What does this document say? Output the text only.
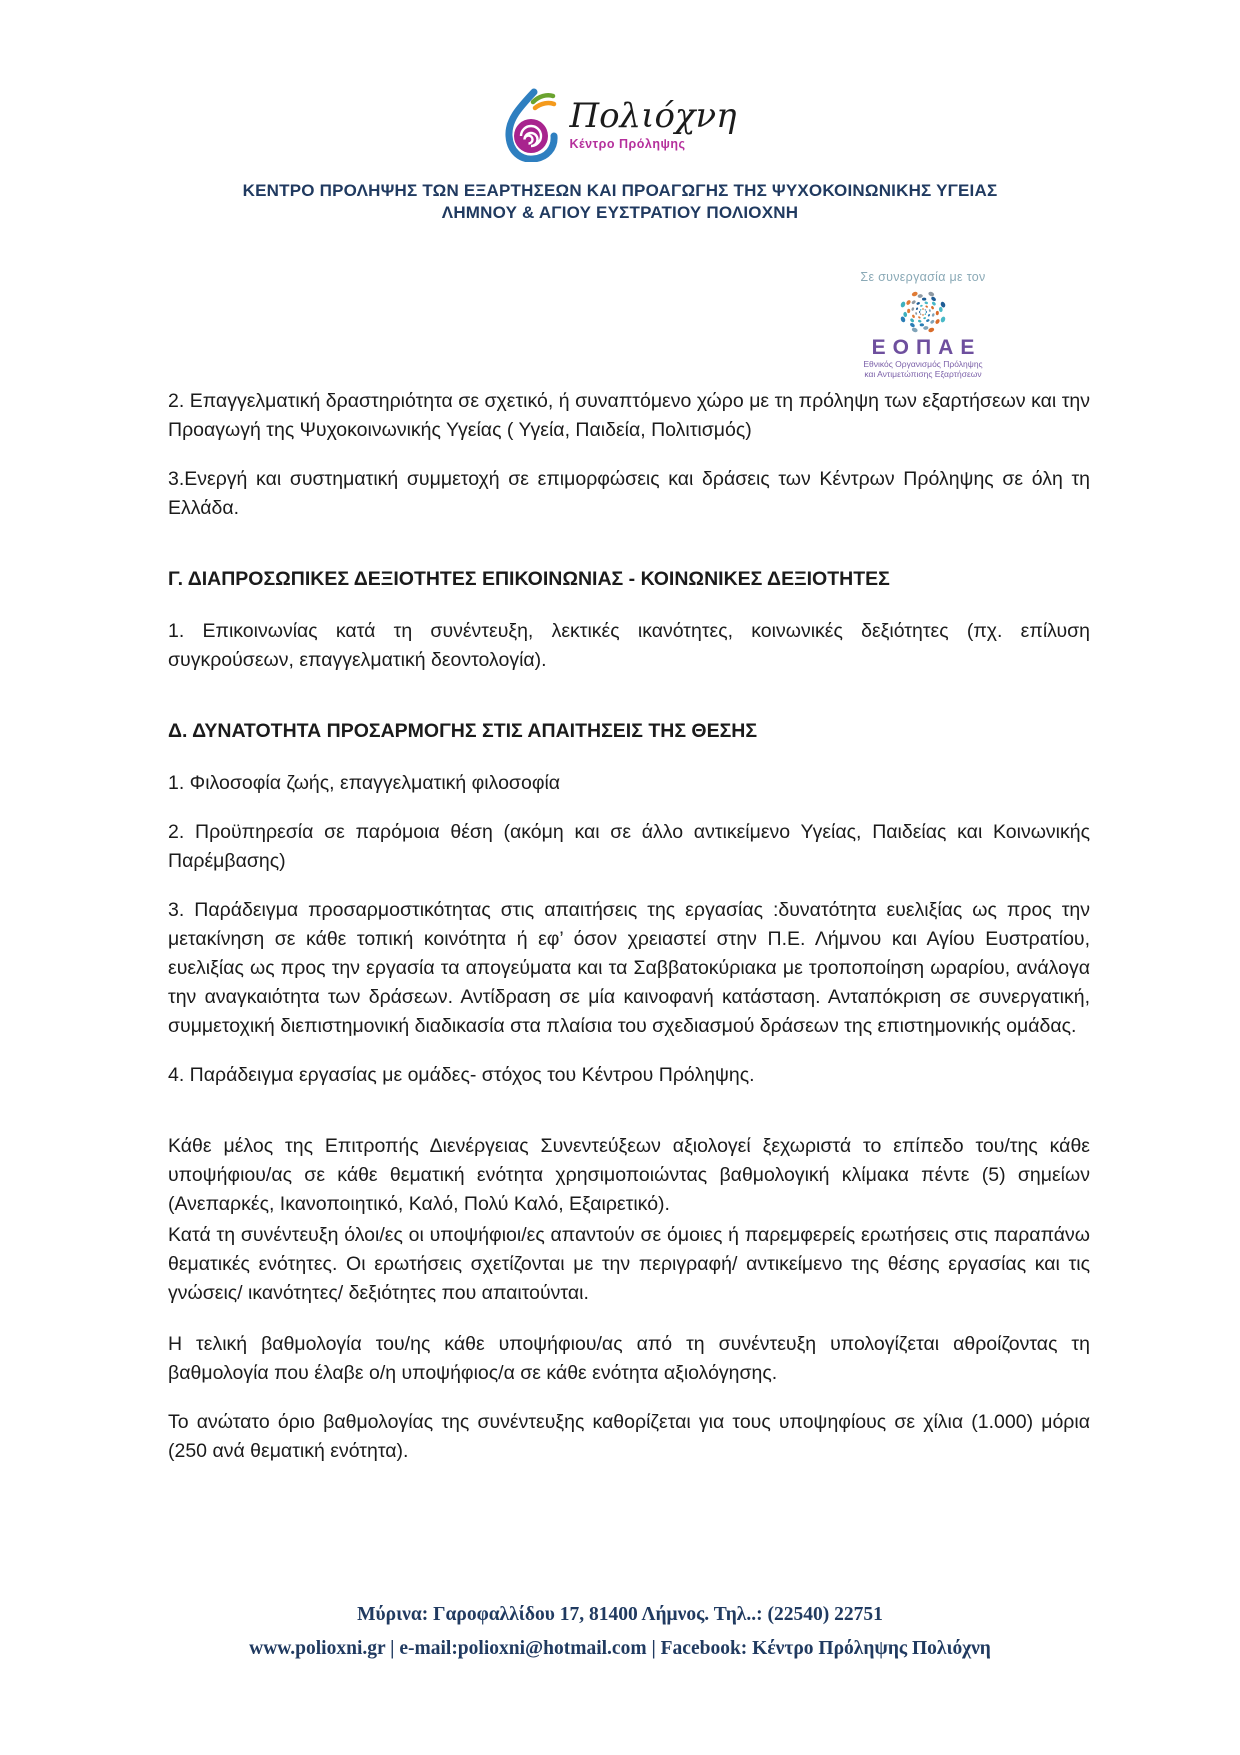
Πολιόχνη
Κέντρο Πρόληψης
ΚΕΝΤΡΟ ΠΡΟΛΗΨΗΣ ΤΩΝ ΕΞΑΡΤΗΣΕΩΝ ΚΑΙ ΠΡΟΑΓΩΓΗΣ ΤΗΣ ΨΥΧΟΚΟΙΝΩΝΙΚΗΣ ΥΓΕΙΑΣ
ΛΗΜΝΟΥ & ΑΓΙΟΥ ΕΥΣΤΡΑΤΙΟΥ ΠΟΛΙΟΧΝΗ
Σε συνεργασία με τον
ΕΟΠΑΕ
Εθνικός Οργανισμός Πρόληψης
και Αντιμετώπισης Εξαρτήσεων

2. Επαγγελματική δραστηριότητα σε σχετικό, ή συναπτόμενο χώρο με τη πρόληψη των εξαρτήσεων και την Προαγωγή της Ψυχοκοινωνικής Υγείας ( Υγεία, Παιδεία, Πολιτισμός)

3.Ενεργή και συστηματική συμμετοχή σε επιμορφώσεις και δράσεις των Κέντρων Πρόληψης σε όλη τη Ελλάδα.

Γ. ΔΙΑΠΡΟΣΩΠΙΚΕΣ ΔΕΞΙΟΤΗΤΕΣ ΕΠΙΚΟΙΝΩΝΙΑΣ - ΚΟΙΝΩΝΙΚΕΣ ΔΕΞΙΟΤΗΤΕΣ

1. Επικοινωνίας κατά τη συνέντευξη, λεκτικές ικανότητες, κοινωνικές δεξιότητες (πχ. επίλυση συγκρούσεων, επαγγελματική δεοντολογία).

Δ. ΔΥΝΑΤΟΤΗΤΑ ΠΡΟΣΑΡΜΟΓΗΣ ΣΤΙΣ ΑΠΑΙΤΗΣΕΙΣ ΤΗΣ ΘΕΣΗΣ

1. Φιλοσοφία ζωής, επαγγελματική φιλοσοφία

2. Προϋπηρεσία σε παρόμοια θέση (ακόμη και σε άλλο αντικείμενο Υγείας, Παιδείας και Κοινωνικής Παρέμβασης)

3. Παράδειγμα προσαρμοστικότητας στις απαιτήσεις της εργασίας :δυνατότητα ευελιξίας ως προς την μετακίνηση σε κάθε τοπική κοινότητα ή εφ’ όσον χρειαστεί στην Π.Ε. Λήμνου και Αγίου Ευστρατίου, ευελιξίας ως προς την εργασία τα απογεύματα και τα Σαββατοκύριακα με τροποποίηση ωραρίου, ανάλογα την αναγκαιότητα των δράσεων. Αντίδραση σε μία καινοφανή κατάσταση. Ανταπόκριση σε συνεργατική, συμμετοχική διεπιστημονική διαδικασία στα πλαίσια του σχεδιασμού δράσεων της επιστημονικής ομάδας.

4. Παράδειγμα εργασίας με ομάδες- στόχος του Κέντρου Πρόληψης.

Κάθε μέλος της Επιτροπής Διενέργειας Συνεντεύξεων αξιολογεί ξεχωριστά το επίπεδο του/της κάθε υποψήφιου/ας σε κάθε θεματική ενότητα χρησιμοποιώντας βαθμολογική κλίμακα πέντε (5) σημείων (Ανεπαρκές, Ικανοποιητικό, Καλό, Πολύ Καλό, Εξαιρετικό).

Κατά τη συνέντευξη όλοι/ες οι υποψήφιοι/ες απαντούν σε όμοιες ή παρεμφερείς ερωτήσεις στις παραπάνω θεματικές ενότητες. Οι ερωτήσεις σχετίζονται με την περιγραφή/ αντικείμενο της θέσης εργασίας και τις γνώσεις/ ικανότητες/ δεξιότητες που απαιτούνται.

Η τελική βαθμολογία του/ης κάθε υποψήφιου/ας από τη συνέντευξη υπολογίζεται αθροίζοντας τη βαθμολογία που έλαβε ο/η υποψήφιος/α σε κάθε ενότητα αξιολόγησης.

Το ανώτατο όριο βαθμολογίας της συνέντευξης καθορίζεται για τους υποψηφίους σε χίλια (1.000) μόρια (250 ανά θεματική ενότητα).

Μύρινα: Γαροφαλλίδου 17, 81400 Λήμνος. Τηλ..: (22540) 22751
www.polioxni.gr | e-mail:polioxni@hotmail.com | Facebook: Κέντρο Πρόληψης Πολιόχνη
